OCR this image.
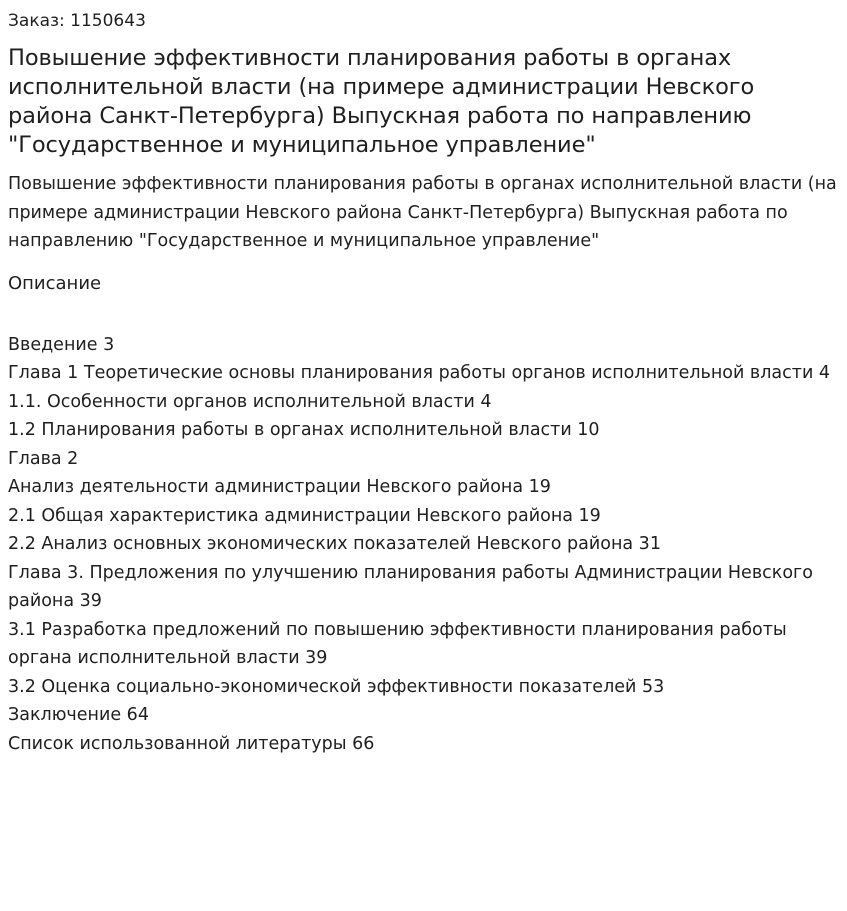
Заказ: 1150643
Повышение эффективности планирования работы в органах исполнительной власти (на примере администрации Невского района Санкт-Петербурга) Выпускная работа по направлению "Государственное и муниципальное управление"
Повышение эффективности планирования работы в органах исполнительной власти (на примере администрации Невского района Санкт-Петербурга) Выпускная работа по направлению "Государственное и муниципальное управление"
Описание
Введение 3
Глава 1 Теоретические основы планирования работы органов исполнительной власти 4
1.1. Особенности органов исполнительной власти 4
1.2 Планирования работы в органах исполнительной власти 10
Глава 2
Анализ деятельности администрации Невского района 19
2.1 Общая характеристика администрации Невского района 19
2.2 Анализ основных экономических показателей Невского района 31
Глава 3. Предложения по улучшению планирования работы Администрации Невского района 39
3.1 Разработка предложений по повышению эффективности планирования работы органа исполнительной власти 39
3.2 Оценка социально-экономической эффективности показателей 53
Заключение 64
Список использованной литературы 66
